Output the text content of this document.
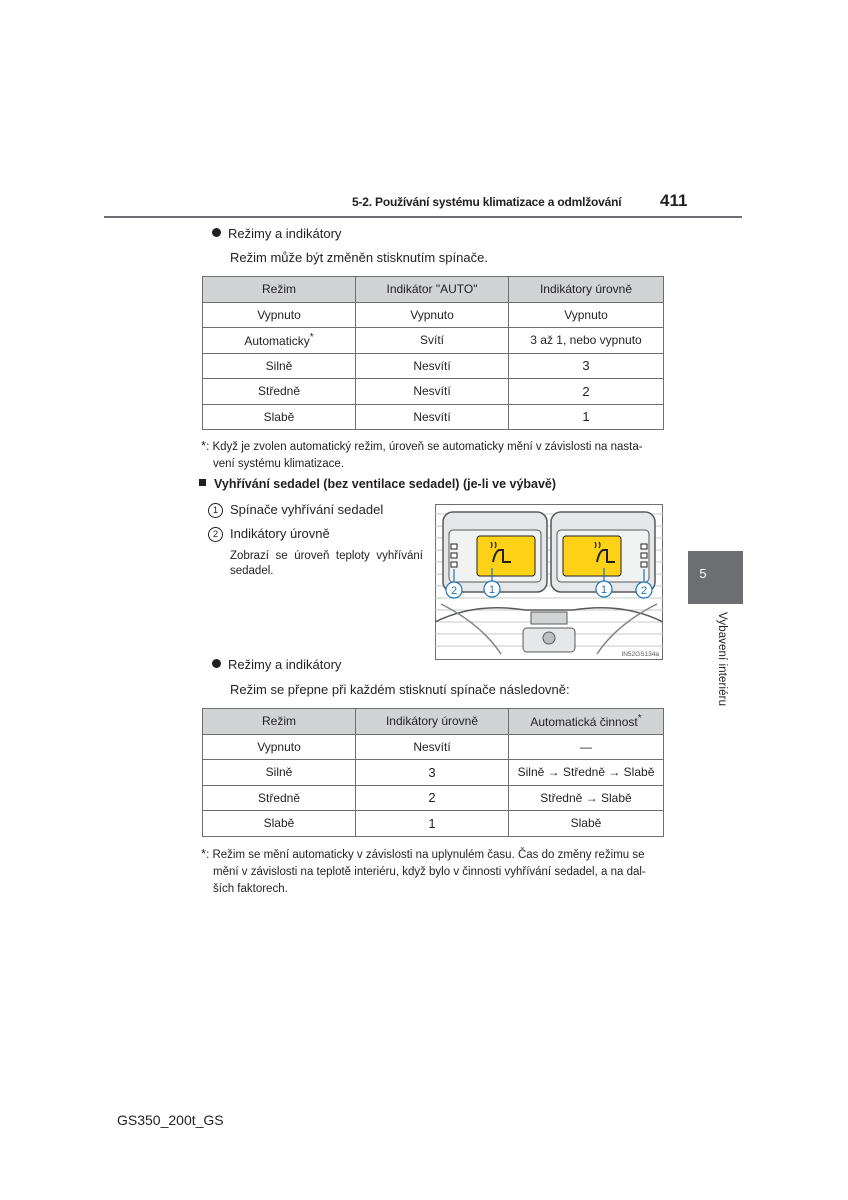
5-2. Používání systému klimatizace a odmlžování 411
5
Vybavení interiéru
Režimy a indikátory
Režim může být změněn stisknutím spínače.
Režim	Indikátor "AUTO"	Indikátory úrovně
Vypnuto	Vypnuto	Vypnuto
Automaticky*	Svítí	3 až 1, nebo vypnuto
Silně	Nesvítí	3
Středně	Nesvítí	2
Slabě	Nesvítí	1
*: Když je zvolen automatický režim, úroveň se automaticky mění v závislosti na nasta-
vení systému klimatizace.
Vyhřívání sedadel (bez ventilace sedadel) (je-li ve výbavě)
1 Spínače vyhřívání sedadel
2 Indikátory úrovně
Zobrazí se úroveň teploty vyhřívání sedadel.
2	1	1	2
IN52GS134a
Režimy a indikátory
Režim se přepne při každém stisknutí spínače následovně:
Režim	Indikátory úrovně	Automatická činnost*
Vypnuto	Nesvítí	—
Silně	3	Silně → Středně → Slabě
Středně	2	Středně → Slabě
Slabě	1	Slabě
*: Režim se mění automaticky v závislosti na uplynulém času. Čas do změny režimu se
mění v závislosti na teplotě interiéru, když bylo v činnosti vyhřívání sedadel, a na dal-
ších faktorech.
GS350_200t_GS
